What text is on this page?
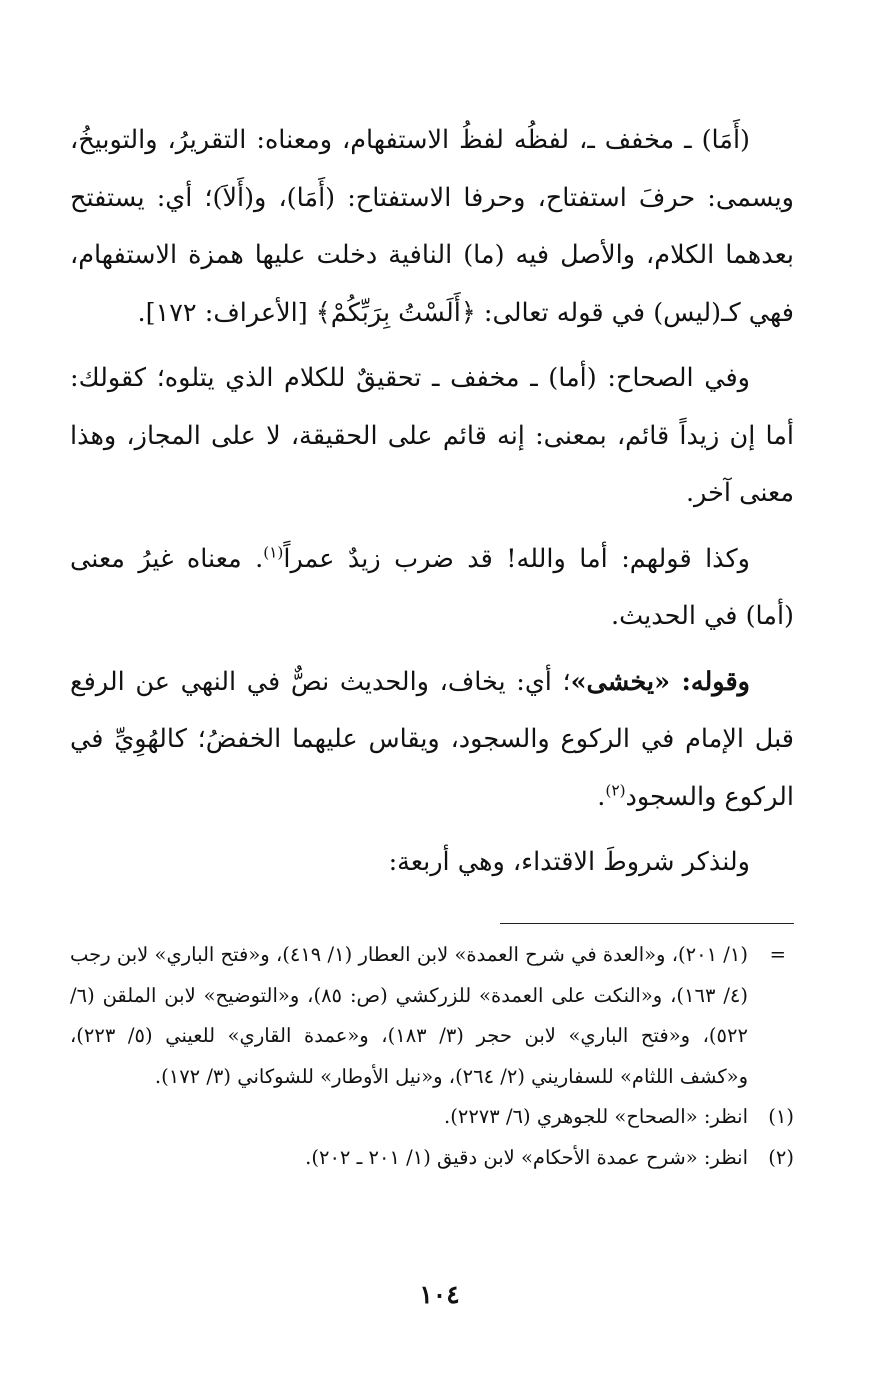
(أَمَا) ـ مخفف ـ، لفظُه لفظُ الاستفهام، ومعناه: التقريرُ، والتوبيخُ، ويسمى: حرفَ استفتاح، وحرفا الاستفتاح: (أَمَا)، و(أَلاَ)؛ أي: يستفتح بعدهما الكلام، والأصل فيه (ما) النافية دخلت عليها همزة الاستفهام، فهي كـ(ليس) في قوله تعالى: ﴿أَلَسْتُ بِرَبِّكُمْ﴾ [الأعراف: ١٧٢].

وفي الصحاح: (أما) ـ مخفف ـ تحقيقٌ للكلام الذي يتلوه؛ كقولك: أما إن زيداً قائم، بمعنى: إنه قائم على الحقيقة، لا على المجاز، وهذا معنى آخر.

وكذا قولهم: أما والله! قد ضرب زيدٌ عمراً$^{(١)}$. معناه غيرُ معنى (أما) في الحديث.

وقوله: «يخشى»؛ أي: يخاف، والحديث نصٌّ في النهي عن الرفع قبل الإمام في الركوع والسجود، ويقاس عليهما الخفضُ؛ كالهُوِيِّ في الركوع والسجود$^{(٢)}$.

ولنذكر شروطَ الاقتداء، وهي أربعة:

=
(١/ ٢٠١)، و«العدة في شرح العمدة» لابن العطار (١/ ٤١٩)، و«فتح الباري» لابن رجب (٤/ ١٦٣)، و«النكت على العمدة» للزركشي (ص: ٨٥)، و«التوضيح» لابن الملقن (٦/ ٥٢٢)، و«فتح الباري» لابن حجر (٣/ ١٨٣)، و«عمدة القاري» للعيني (٥/ ٢٢٣)، و«كشف اللثام» للسفاريني (٢/ ٢٦٤)، و«نيل الأوطار» للشوكاني (٣/ ١٧٢).

(١)
انظر: «الصحاح» للجوهري (٦/ ٢٢٧٣).

(٢)
انظر: «شرح عمدة الأحكام» لابن دقيق (١/ ٢٠١ ـ ٢٠٢).

١٠٤
